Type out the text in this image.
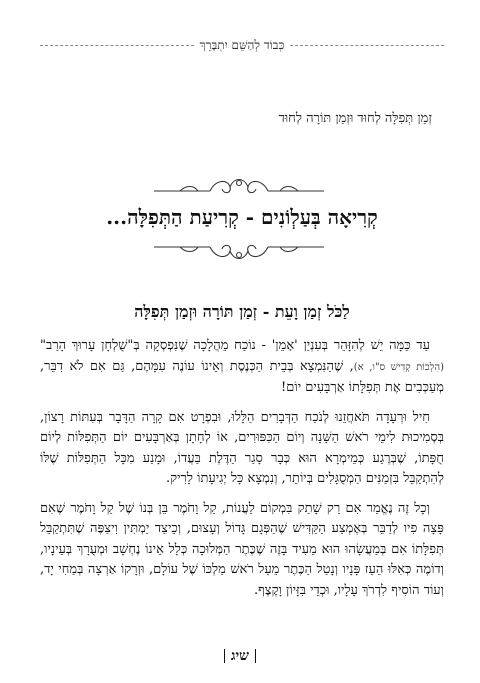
כְּבוֹד לְהַשֵּׁם יִתְבָּרֵךְ
זְמַן תְּפִלָּה לְחוּד וּזְמַן תּוֹרָה לְחוּד
קְרִיאָה בְּעַלְוֹנִים - קְרִיעַת הַתְּפִלָּה...
לַכֹּל זְמַן וָעֵת - זְמַן תּוֹרָה וּזְמַן תְּפִלָּה

עַד כַּמָּה יֵשׁ לְהִזָּהֵר בְּעִנְיַן 'אָמֵן' - נוֹכַח מֵהֲלָכָה שֶׁנִּפְסְקָה בְּ"שֻׁלְחָן עָרוּךְ הָרַב" (הִלְכוֹת קְדִישׁ ס"ו, א), שֶׁהַנִּמְצָא בְּבֵית הַכְּנֶסֶת וְאֵינוֹ עוֹנֶה עִמָּהֶם, גַּם אִם לֹא דִבֵּר, מְעַכְּבִים אֶת תְּפִלָּתוֹ אַרְבָּעִים יוֹם!

חִיל וּרְעָדָה תֹּאחֲזֵנוּ לְנֹכַח הַדְּבָרִים הַלָּלוּ, וּבִפְרָט אִם קָרָה הַדָּבָר בְּעִתּוֹת רָצוֹן, בְּסְמִיכוּת לִימֵי רֹאשׁ הַשָּׁנָה וְיוֹם הַכִּפּוּרִים, אוֹ לְחָתָן בְּאַרְבָּעִים יוֹם הַתְּפִלּוֹת לְיוֹם חֻפָּתוֹ, שֶׁבְּרֶגַע כְּמֵימְרָא הוּא כְּבָר סָגַר הַדֶּלֶת בַּעֲדוֹ, וּמָנַע מִכָּל הַתְּפִלּוֹת שֶׁלּוֹ לְהִתְקַבֵּל בִּזְמַנִּים הַמְסֻגָּלִים בְּיוֹתֵר, וְנִמְצָא כָּל יְגִיעָתוֹ לָרִיק.

וְכָל זֶה נֶאֱמַר אִם רַק שָׁתַק בִּמְקוֹם לַעֲנוֹת, קַל וָחֹמֶר בֵּן בְּנוֹ שֶׁל קַל וָחֹמֶר שֶׁאִם פָּצָה פִיו לְדַבֵּר בְּאֶמְצַע הַקַּדִּישׁ שֶׁהַפְּגָם גָּדוֹל וְעָצוּם, וְכֵיצַד יַמְתִּין וִיצַפֶּה שֶׁתִּתְקַבֵּל תְּפִלָּתוֹ אִם בְּמַעֲשָׂהוּ הוּא מֵעִיד בָּזֶה שֶׁכֶּתֶר הַמְּלוּכָה כְּלָל אֵינוֹ נֶחְשָׁב וּמְעֻרָךְ בְּעֵינָיו, וְדוֹמֶה כְּאִלּוּ הֵעֵז פָּנָיו וְנָטַל הַכֶּתֶר מֵעַל רֹאשׁ מַלְכּוֹ שֶׁל עוֹלָם, וּזְרָקוֹ אַרְצָה בְּמַחִי יָד, וְעוֹד הוֹסִיף לִדְרֹךְ עָלָיו, וּכְדֵי בִּזָּיוֹן וָקֶצֶף.

שיג
